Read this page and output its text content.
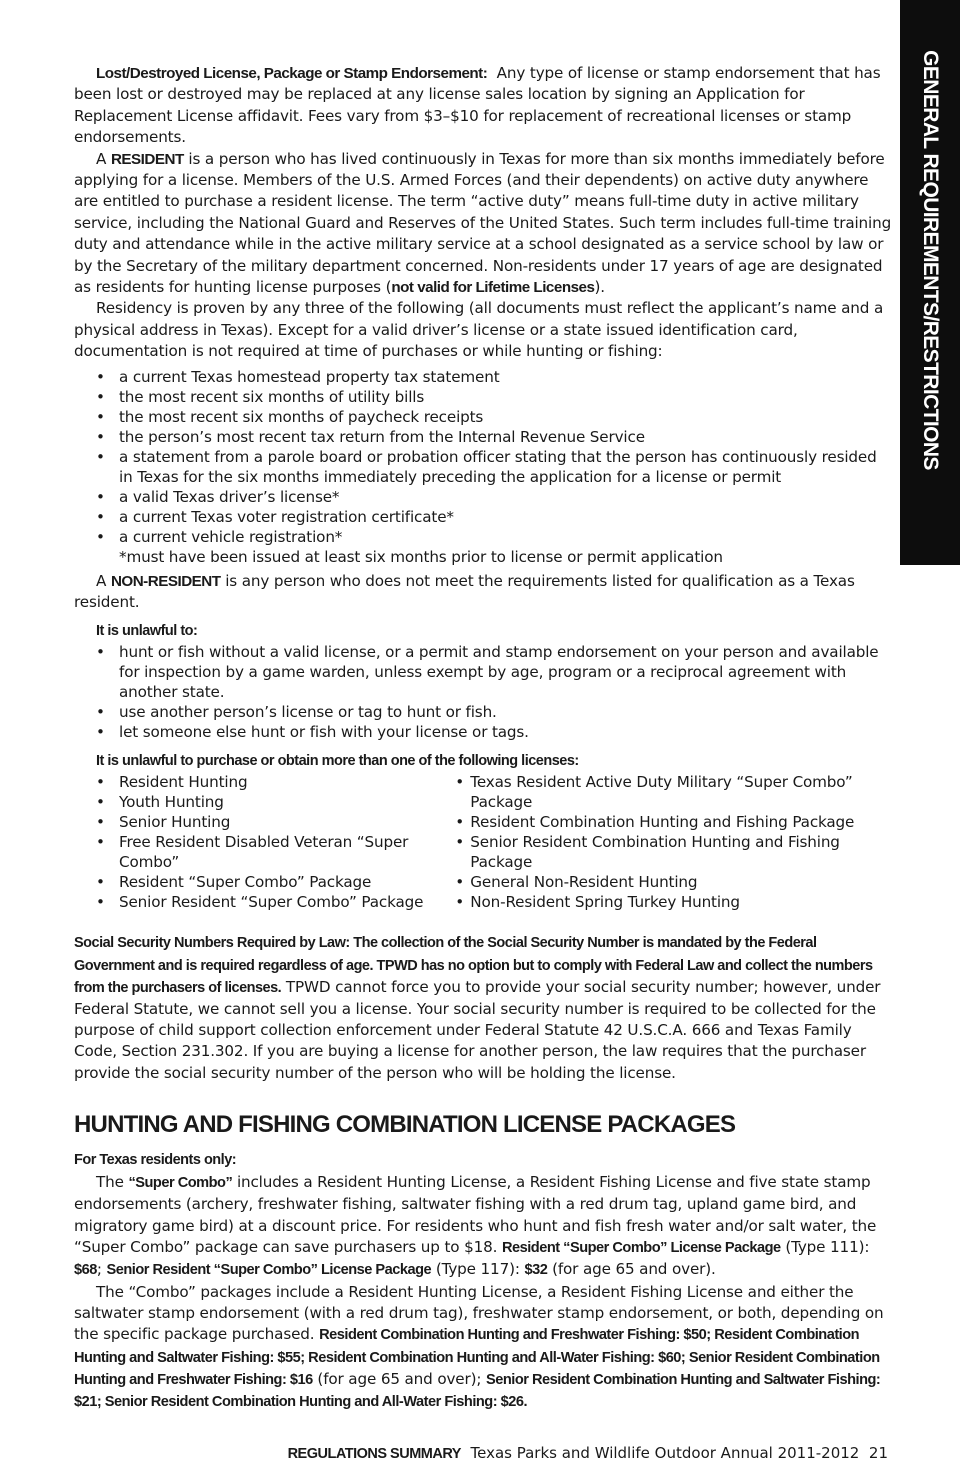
GENERAL REQUIREMENTS/RESTRICTIONS

Lost/Destroyed License, Package or Stamp Endorsement: Any type of license or stamp endorsement that has been lost or destroyed may be replaced at any license sales location by signing an Application for Replacement License affidavit. Fees vary from $3–$10 for replacement of recreational licenses or stamp endorsements.

A RESIDENT is a person who has lived continuously in Texas for more than six months immediately before applying for a license. Members of the U.S. Armed Forces (and their dependents) on active duty anywhere are entitled to purchase a resident license. The term “active duty” means full-time duty in active military service, including the National Guard and Reserves of the United States. Such term includes full-time training duty and attendance while in the active military service at a school designated as a service school by law or by the Secretary of the military department concerned. Non-residents under 17 years of age are designated as residents for hunting license purposes (not valid for Lifetime Licenses).

Residency is proven by any three of the following (all documents must reflect the applicant’s name and a physical address in Texas). Except for a valid driver’s license or a state issued identification card, documentation is not required at time of purchases or while hunting or fishing:

• a current Texas homestead property tax statement
• the most recent six months of utility bills
• the most recent six months of paycheck receipts
• the person’s most recent tax return from the Internal Revenue Service
• a statement from a parole board or probation officer stating that the person has continuously resided in Texas for the six months immediately preceding the application for a license or permit
• a valid Texas driver’s license*
• a current Texas voter registration certificate*
• a current vehicle registration*

*must have been issued at least six months prior to license or permit application

A NON-RESIDENT is any person who does not meet the requirements listed for qualification as a Texas resident.

It is unlawful to:

• hunt or fish without a valid license, or a permit and stamp endorsement on your person and available for inspection by a game warden, unless exempt by age, program or a reciprocal agreement with another state.
• use another person’s license or tag to hunt or fish.
• let someone else hunt or fish with your license or tags.

It is unlawful to purchase or obtain more than one of the following licenses:

• Resident Hunting
• Youth Hunting
• Senior Hunting
• Free Resident Disabled Veteran “Super Combo”
• Resident “Super Combo” Package
• Senior Resident “Super Combo” Package
• Texas Resident Active Duty Military “Super Combo” Package
• Resident Combination Hunting and Fishing Package
• Senior Resident Combination Hunting and Fishing Package
• General Non-Resident Hunting
• Non-Resident Spring Turkey Hunting

Social Security Numbers Required by Law: The collection of the Social Security Number is mandated by the Federal Government and is required regardless of age. TPWD has no option but to comply with Federal Law and collect the numbers from the purchasers of licenses. TPWD cannot force you to provide your social security number; however, under Federal Statute, we cannot sell you a license. Your social security number is required to be collected for the purpose of child support collection enforcement under Federal Statute 42 U.S.C.A. 666 and Texas Family Code, Section 231.302. If you are buying a license for another person, the law requires that the purchaser provide the social security number of the person who will be holding the license.

HUNTING AND FISHING COMBINATION LICENSE PACKAGES

For Texas residents only:

The “Super Combo” includes a Resident Hunting License, a Resident Fishing License and five state stamp endorsements (archery, freshwater fishing, saltwater fishing with a red drum tag, upland game bird, and migratory game bird) at a discount price. For residents who hunt and fish fresh water and/or salt water, the “Super Combo” package can save purchasers up to $18. Resident “Super Combo” License Package (Type 111):  $68; Senior Resident “Super Combo” License Package (Type 117): $32 (for age 65 and over).

The “Combo” packages include a Resident Hunting License, a Resident Fishing License and either the saltwater stamp endorsement (with a red drum tag), freshwater stamp endorsement, or both, depending on the specific package purchased. Resident Combination Hunting and Freshwater Fishing: $50; Resident Combination Hunting and Saltwater Fishing: $55; Resident Combination Hunting and All-Water Fishing: $60; Senior Resident Combination Hunting and Freshwater Fishing: $16 (for age 65 and over); Senior Resident Combination Hunting and Saltwater Fishing: $21; Senior Resident Combination Hunting and All-Water Fishing: $26.

REGULATIONS SUMMARY Texas Parks and Wildlife Outdoor Annual 2011-2012 21
